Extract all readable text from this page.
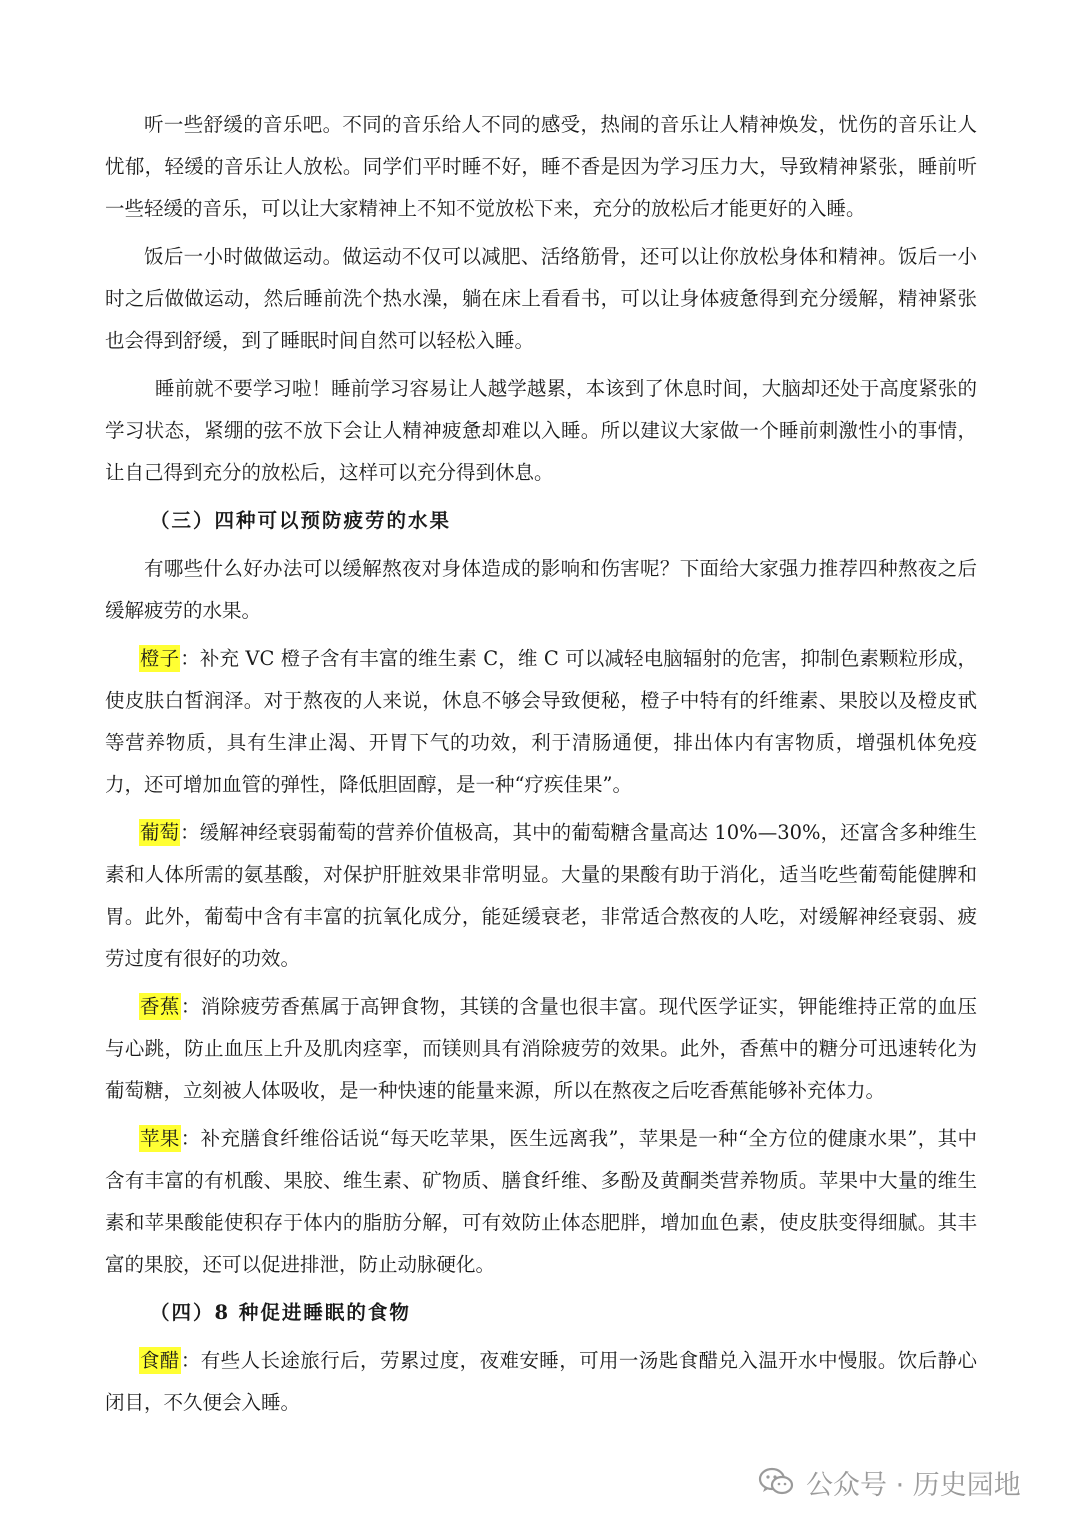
听一些舒缓的音乐吧。不同的音乐给人不同的感受，热闹的音乐让人精神焕发，忧伤的音乐让人忧郁，轻缓的音乐让人放松。同学们平时睡不好，睡不香是因为学习压力大，导致精神紧张，睡前听一些轻缓的音乐，可以让大家精神上不知不觉放松下来，充分的放松后才能更好的入睡。

饭后一小时做做运动。做运动不仅可以减肥、活络筋骨，还可以让你放松身体和精神。饭后一小时之后做做运动，然后睡前洗个热水澡，躺在床上看看书，可以让身体疲惫得到充分缓解，精神紧张也会得到舒缓，到了睡眠时间自然可以轻松入睡。

睡前就不要学习啦！睡前学习容易让人越学越累，本该到了休息时间，大脑却还处于高度紧张的学习状态，紧绷的弦不放下会让人精神疲惫却难以入睡。所以建议大家做一个睡前刺激性小的事情，让自己得到充分的放松后，这样可以充分得到休息。

（三）四种可以预防疲劳的水果

有哪些什么好办法可以缓解熬夜对身体造成的影响和伤害呢？下面给大家强力推荐四种熬夜之后缓解疲劳的水果。

橙子：补充 VC 橙子含有丰富的维生素 C，维 C 可以减轻电脑辐射的危害，抑制色素颗粒形成，使皮肤白皙润泽。对于熬夜的人来说，休息不够会导致便秘，橙子中特有的纤维素、果胶以及橙皮甙等营养物质，具有生津止渴、开胃下气的功效，利于清肠通便，排出体内有害物质，增强机体免疫力，还可增加血管的弹性，降低胆固醇，是一种“疗疾佳果”。

葡萄：缓解神经衰弱葡萄的营养价值极高，其中的葡萄糖含量高达 10%—30%，还富含多种维生素和人体所需的氨基酸，对保护肝脏效果非常明显。大量的果酸有助于消化，适当吃些葡萄能健脾和胃。此外，葡萄中含有丰富的抗氧化成分，能延缓衰老，非常适合熬夜的人吃，对缓解神经衰弱、疲劳过度有很好的功效。

香蕉：消除疲劳香蕉属于高钾食物，其镁的含量也很丰富。现代医学证实，钾能维持正常的血压与心跳，防止血压上升及肌肉痉挛，而镁则具有消除疲劳的效果。此外，香蕉中的糖分可迅速转化为葡萄糖，立刻被人体吸收，是一种快速的能量来源，所以在熬夜之后吃香蕉能够补充体力。

苹果：补充膳食纤维俗话说“每天吃苹果，医生远离我”，苹果是一种“全方位的健康水果”，其中含有丰富的有机酸、果胶、维生素、矿物质、膳食纤维、多酚及黄酮类营养物质。苹果中大量的维生素和苹果酸能使积存于体内的脂肪分解，可有效防止体态肥胖，增加血色素，使皮肤变得细腻。其丰富的果胶，还可以促进排泄，防止动脉硬化。

（四）8 种促进睡眠的食物

食醋：有些人长途旅行后，劳累过度，夜难安睡，可用一汤匙食醋兑入温开水中慢服。饮后静心闭目，不久便会入睡。

公众号 · 历史园地
